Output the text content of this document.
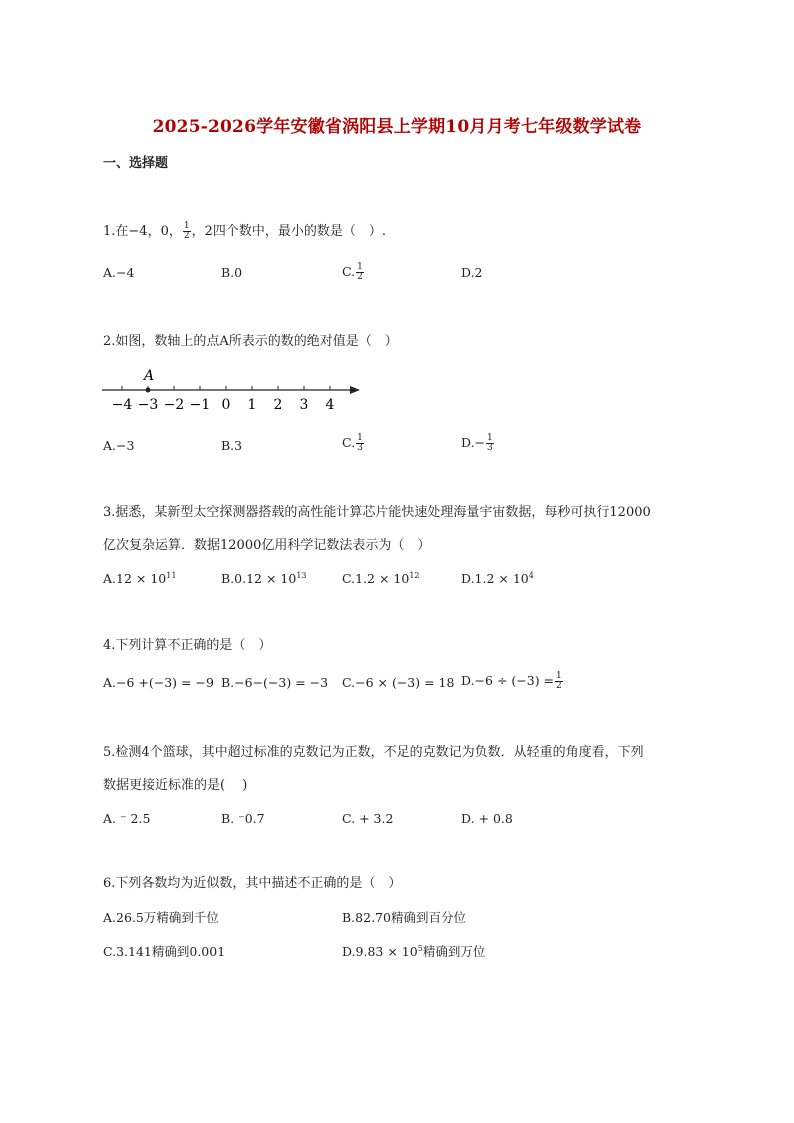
2025-2026学年安徽省涡阳县上学期10月月考七年级数学试卷
一、选择题
1.在−4，0， $\frac{1}{2}$ ，2四个数中，最小的数是（　）.
A.−4	B.0	C. $\frac{1}{2}$	D.2
2.如图，数轴上的点A所表示的数的绝对值是（　）
−4 −3 −2 −1 0 1 2 3 4
A
A.−3	B.3	C. $\frac{1}{3}$	$D.- \frac{1}{3}$
3.据悉，某新型太空探测器搭载的高性能计算芯片能快速处理海量宇宙数据，每秒可执行12000
亿次复杂运算．数据12000亿用科学记数法表示为（　）
$A.12 \times 10^{11}$	$B.0.12 \times 10^{13}$	$C.1.2 \times 10^{12}$	$D.1.2 \times 10^4$
4.下列计算不正确的是（　）
A.−6 +(−3) = −9 B.−6−(−3) = −3 C.−6 × (−3) = 18 $D.-6 \div (-3) = \frac{1}{2}$
5.检测4个篮球，其中超过标准的克数记为正数，不足的克数记为负数．从轻重的角度看，下列
数据更接近标准的是(　 )
A. ⁻ 2.5	B. ⁻0.7	C. + 3.2	D. + 0.8
6.下列各数均为近似数，其中描述不正确的是（　）
A.26.5万精确到千位	B.82.70精确到百分位
C.3.141精确到0.001	$D.9.83 \times 10^5$精确到万位
